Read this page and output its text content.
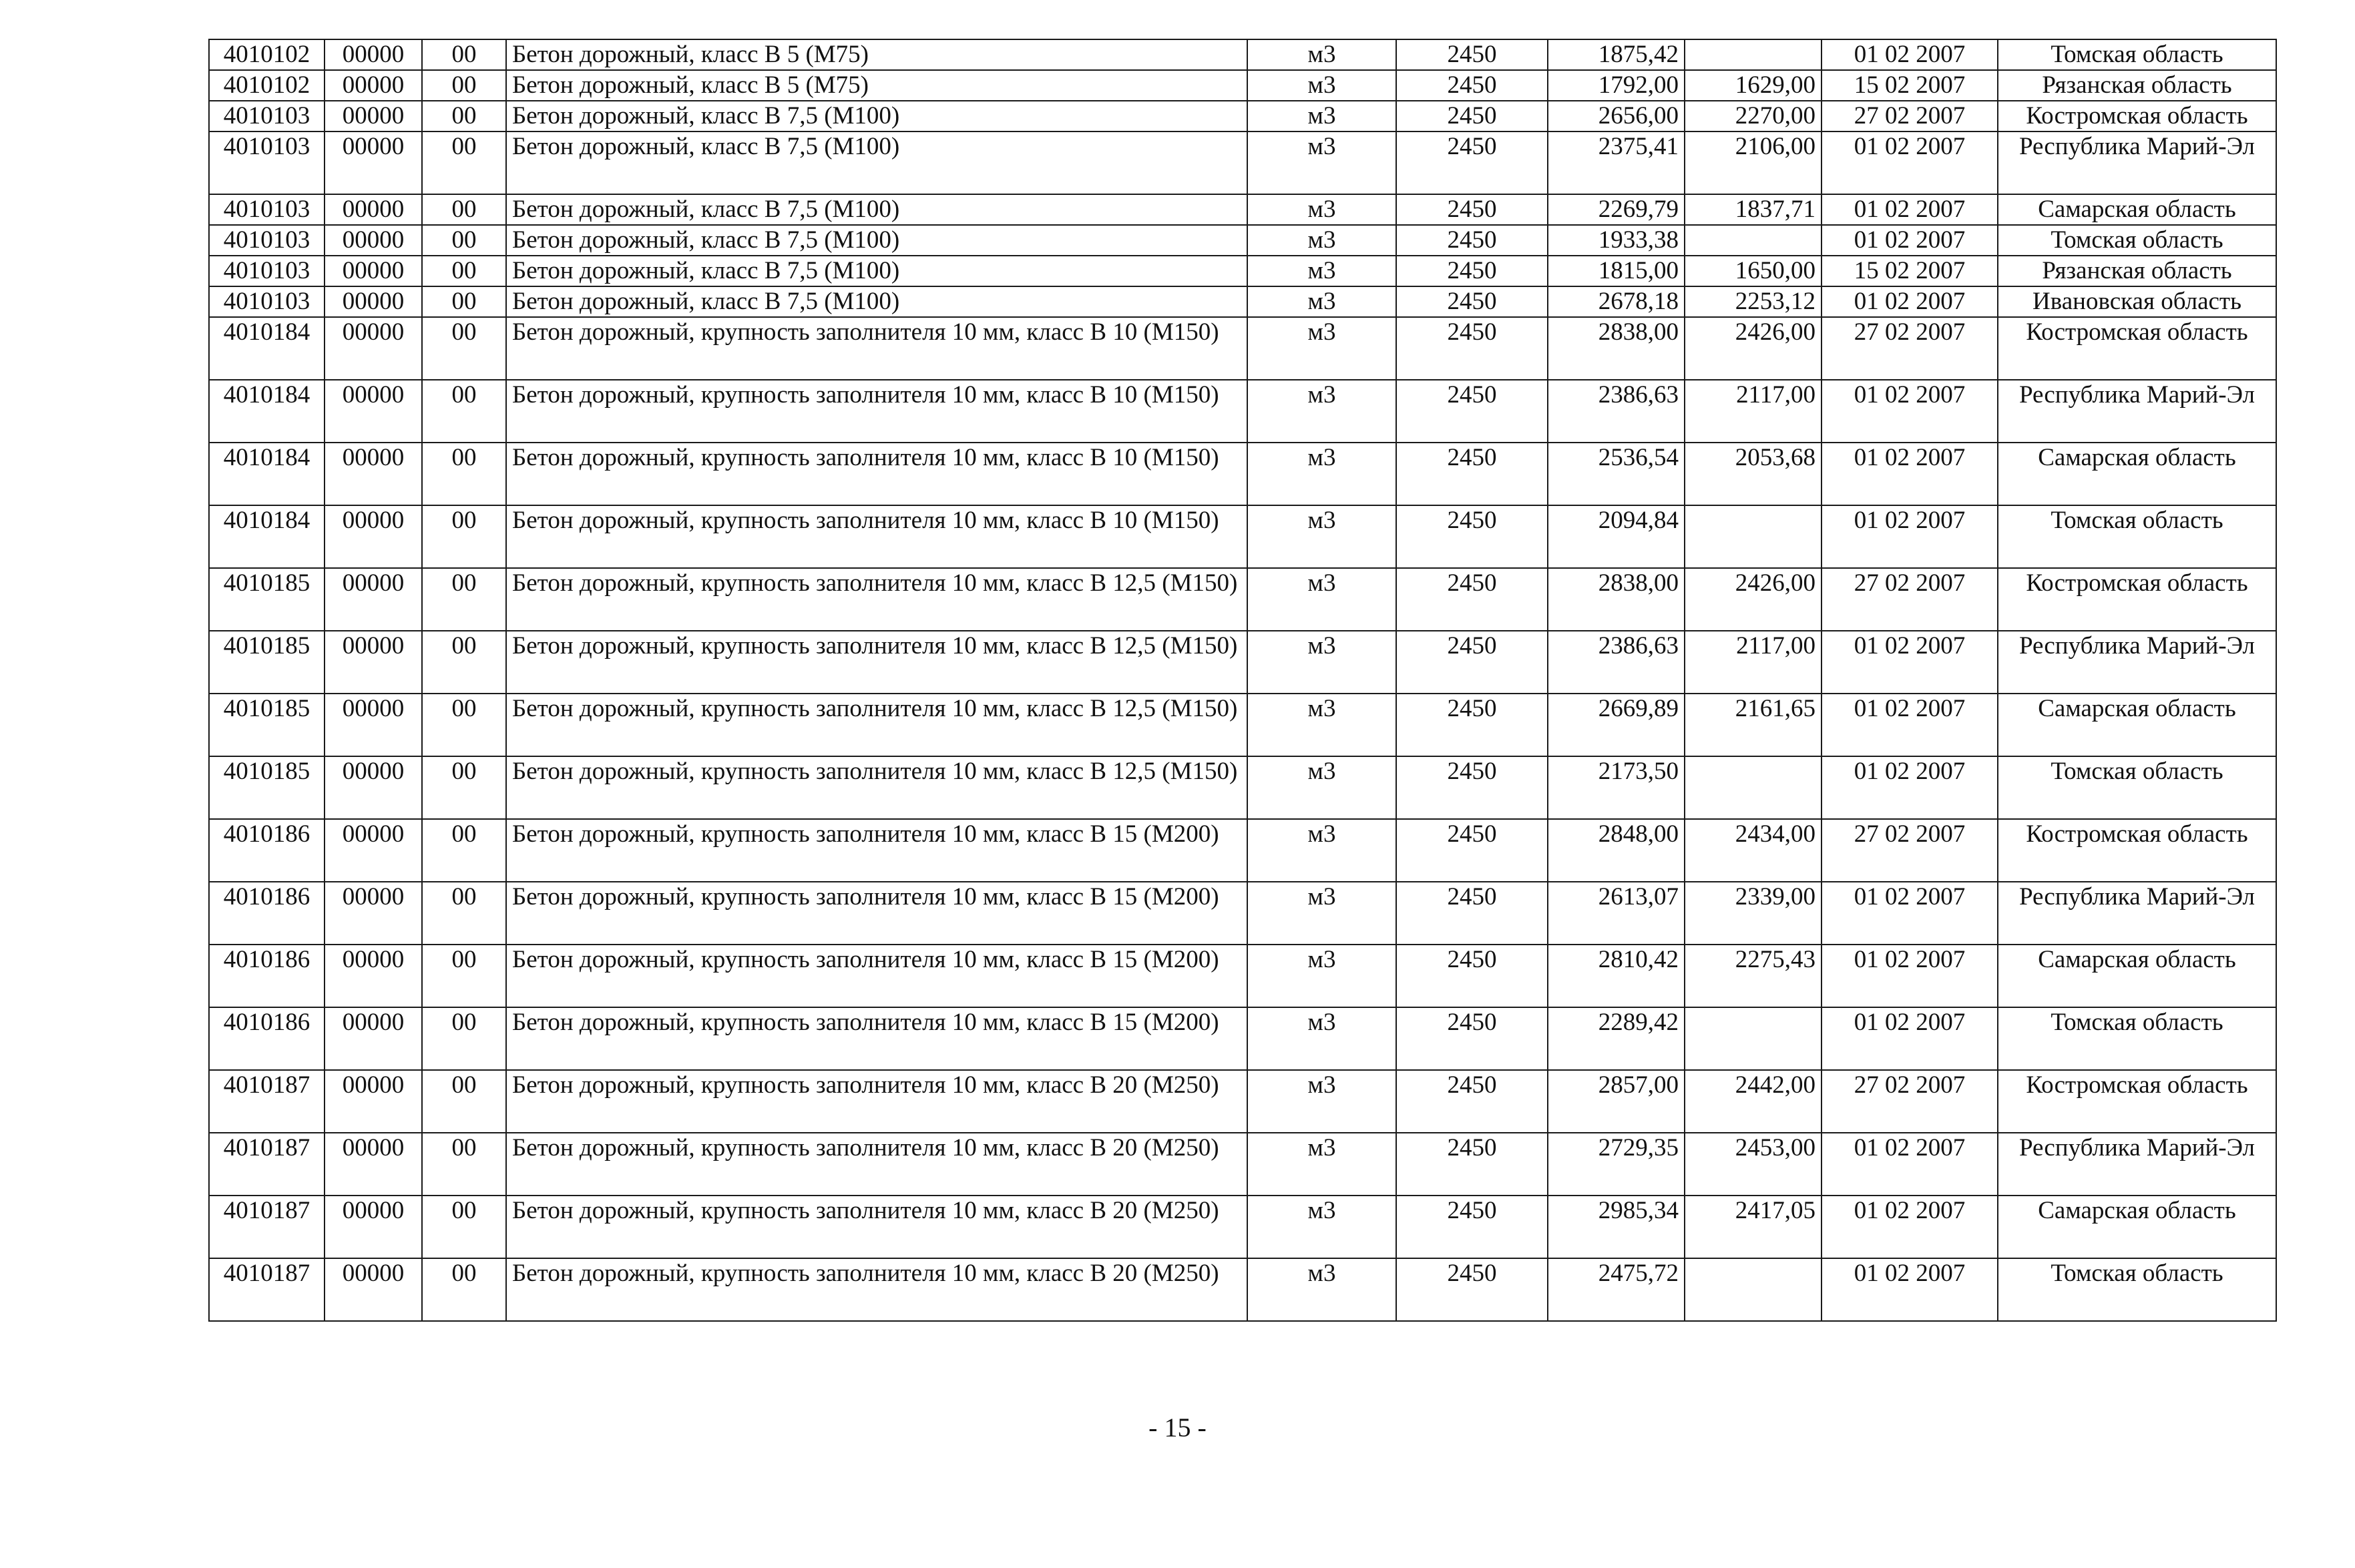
4010102	00000	00	Бетон дорожный, класс В 5 (М75)	м3	2450	1875,42		01 02 2007	Томская область
4010102	00000	00	Бетон дорожный, класс В 5 (М75)	м3	2450	1792,00	1629,00	15 02 2007	Рязанская область
4010103	00000	00	Бетон дорожный, класс В 7,5 (М100)	м3	2450	2656,00	2270,00	27 02 2007	Костромская область
4010103	00000	00	Бетон дорожный, класс В 7,5 (М100)	м3	2450	2375,41	2106,00	01 02 2007	Республика Марий-Эл
4010103	00000	00	Бетон дорожный, класс В 7,5 (М100)	м3	2450	2269,79	1837,71	01 02 2007	Самарская область
4010103	00000	00	Бетон дорожный, класс В 7,5 (М100)	м3	2450	1933,38		01 02 2007	Томская область
4010103	00000	00	Бетон дорожный, класс В 7,5 (М100)	м3	2450	1815,00	1650,00	15 02 2007	Рязанская область
4010103	00000	00	Бетон дорожный, класс В 7,5 (М100)	м3	2450	2678,18	2253,12	01 02 2007	Ивановская область
4010184	00000	00	Бетон дорожный, крупность заполнителя 10 мм, класс В 10 (М150)	м3	2450	2838,00	2426,00	27 02 2007	Костромская область
4010184	00000	00	Бетон дорожный, крупность заполнителя 10 мм, класс В 10 (М150)	м3	2450	2386,63	2117,00	01 02 2007	Республика Марий-Эл
4010184	00000	00	Бетон дорожный, крупность заполнителя 10 мм, класс В 10 (М150)	м3	2450	2536,54	2053,68	01 02 2007	Самарская область
4010184	00000	00	Бетон дорожный, крупность заполнителя 10 мм, класс В 10 (М150)	м3	2450	2094,84		01 02 2007	Томская область
4010185	00000	00	Бетон дорожный, крупность заполнителя 10 мм, класс В 12,5 (М150)	м3	2450	2838,00	2426,00	27 02 2007	Костромская область
4010185	00000	00	Бетон дорожный, крупность заполнителя 10 мм, класс В 12,5 (М150)	м3	2450	2386,63	2117,00	01 02 2007	Республика Марий-Эл
4010185	00000	00	Бетон дорожный, крупность заполнителя 10 мм, класс В 12,5 (М150)	м3	2450	2669,89	2161,65	01 02 2007	Самарская область
4010185	00000	00	Бетон дорожный, крупность заполнителя 10 мм, класс В 12,5 (М150)	м3	2450	2173,50		01 02 2007	Томская область
4010186	00000	00	Бетон дорожный, крупность заполнителя 10 мм, класс В 15 (М200)	м3	2450	2848,00	2434,00	27 02 2007	Костромская область
4010186	00000	00	Бетон дорожный, крупность заполнителя 10 мм, класс В 15 (М200)	м3	2450	2613,07	2339,00	01 02 2007	Республика Марий-Эл
4010186	00000	00	Бетон дорожный, крупность заполнителя 10 мм, класс В 15 (М200)	м3	2450	2810,42	2275,43	01 02 2007	Самарская область
4010186	00000	00	Бетон дорожный, крупность заполнителя 10 мм, класс В 15 (М200)	м3	2450	2289,42		01 02 2007	Томская область
4010187	00000	00	Бетон дорожный, крупность заполнителя 10 мм, класс В 20 (М250)	м3	2450	2857,00	2442,00	27 02 2007	Костромская область
4010187	00000	00	Бетон дорожный, крупность заполнителя 10 мм, класс В 20 (М250)	м3	2450	2729,35	2453,00	01 02 2007	Республика Марий-Эл
4010187	00000	00	Бетон дорожный, крупность заполнителя 10 мм, класс В 20 (М250)	м3	2450	2985,34	2417,05	01 02 2007	Самарская область
4010187	00000	00	Бетон дорожный, крупность заполнителя 10 мм, класс В 20 (М250)	м3	2450	2475,72		01 02 2007	Томская область
- 15 -
